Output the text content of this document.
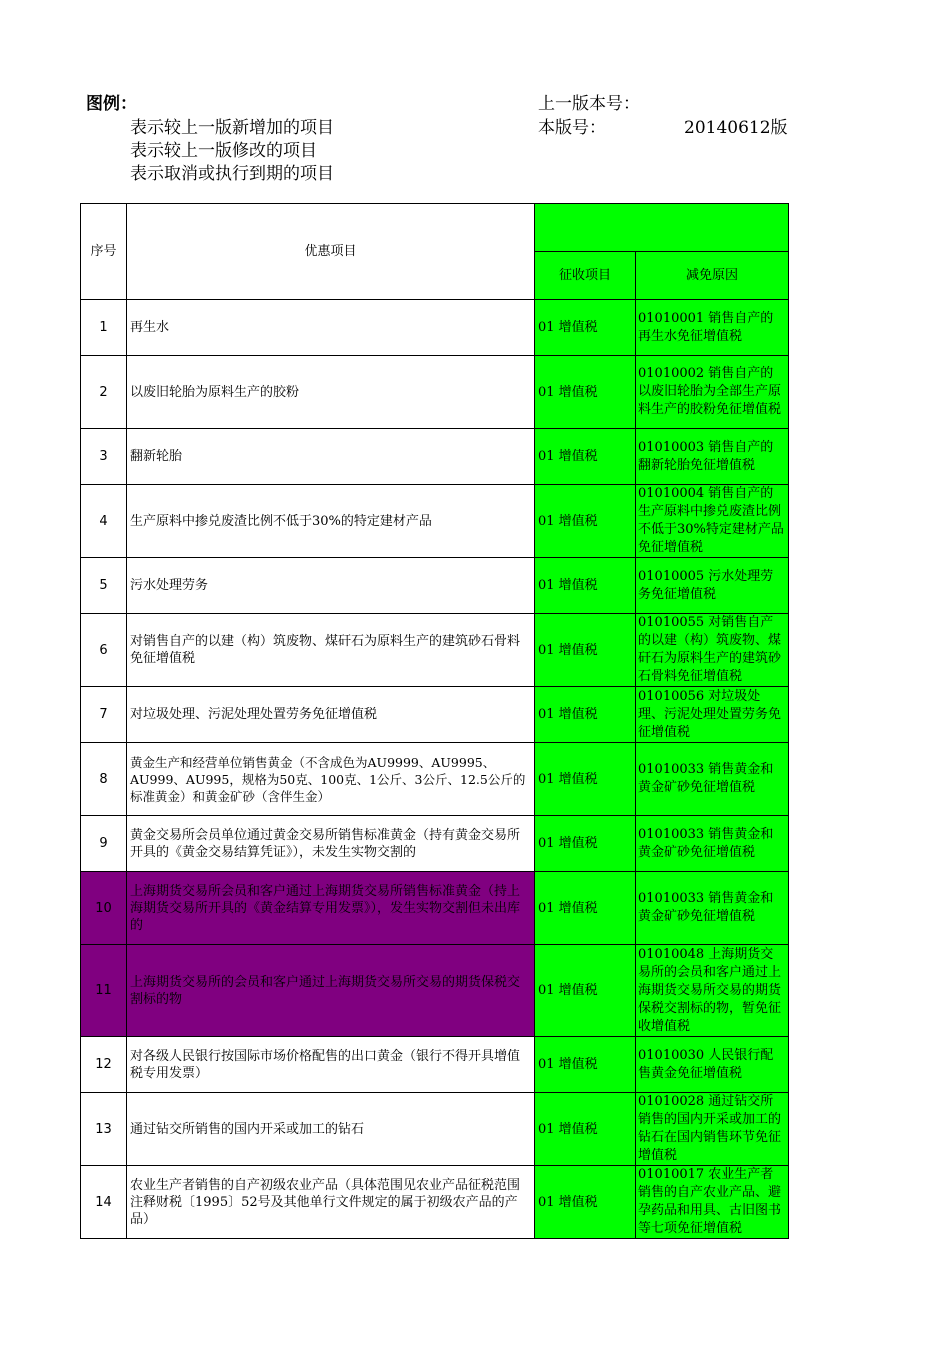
图例：
表示较上一版新增加的项目
表示较上一版修改的项目
表示取消或执行到期的项目
上一版本号：
本版号：	20140612版
序号	优惠项目		
		征收项目	减免原因
1	再生水	01 增值税	01010001 销售自产的再生水免征增值税
2	以废旧轮胎为原料生产的胶粉	01 增值税	01010002 销售自产的以废旧轮胎为全部生产原料生产的胶粉免征增值税
3	翻新轮胎	01 增值税	01010003 销售自产的翻新轮胎免征增值税
4	生产原料中掺兑废渣比例不低于30%的特定建材产品	01 增值税	01010004 销售自产的生产原料中掺兑废渣比例不低于30%特定建材产品免征增值税
5	污水处理劳务	01 增值税	01010005 污水处理劳务免征增值税
6	对销售自产的以建（构）筑废物、煤矸石为原料生产的建筑砂石骨料免征增值税	01 增值税	01010055 对销售自产的以建（构）筑废物、煤矸石为原料生产的建筑砂石骨料免征增值税
7	对垃圾处理、污泥处理处置劳务免征增值税	01 增值税	01010056 对垃圾处理、污泥处理处置劳务免征增值税
8	黄金生产和经营单位销售黄金（不含成色为AU9999、AU9995、AU999、AU995，规格为50克、100克、1公斤、3公斤、12.5公斤的标准黄金）和黄金矿砂（含伴生金）	01 增值税	01010033 销售黄金和黄金矿砂免征增值税
9	黄金交易所会员单位通过黄金交易所销售标准黄金（持有黄金交易所开具的《黄金交易结算凭证》），未发生实物交割的	01 增值税	01010033 销售黄金和黄金矿砂免征增值税
10	上海期货交易所会员和客户通过上海期货交易所销售标准黄金（持上海期货交易所开具的《黄金结算专用发票》），发生实物交割但未出库的	01 增值税	01010033 销售黄金和黄金矿砂免征增值税
11	上海期货交易所的会员和客户通过上海期货交易所交易的期货保税交割标的物	01 增值税	01010048 上海期货交易所的会员和客户通过上海期货交易所交易的期货保税交割标的物，暂免征收增值税
12	对各级人民银行按国际市场价格配售的出口黄金（银行不得开具增值税专用发票）	01 增值税	01010030 人民银行配售黄金免征增值税
13	通过钻交所销售的国内开采或加工的钻石	01 增值税	01010028 通过钻交所销售的国内开采或加工的钻石在国内销售环节免征增值税
14	农业生产者销售的自产初级农业产品（具体范围见农业产品征税范围注释财税〔1995〕52号及其他单行文件规定的属于初级农产品的产品）	01 增值税	01010017 农业生产者销售的自产农业产品、避孕药品和用具、古旧图书等七项免征增值税
